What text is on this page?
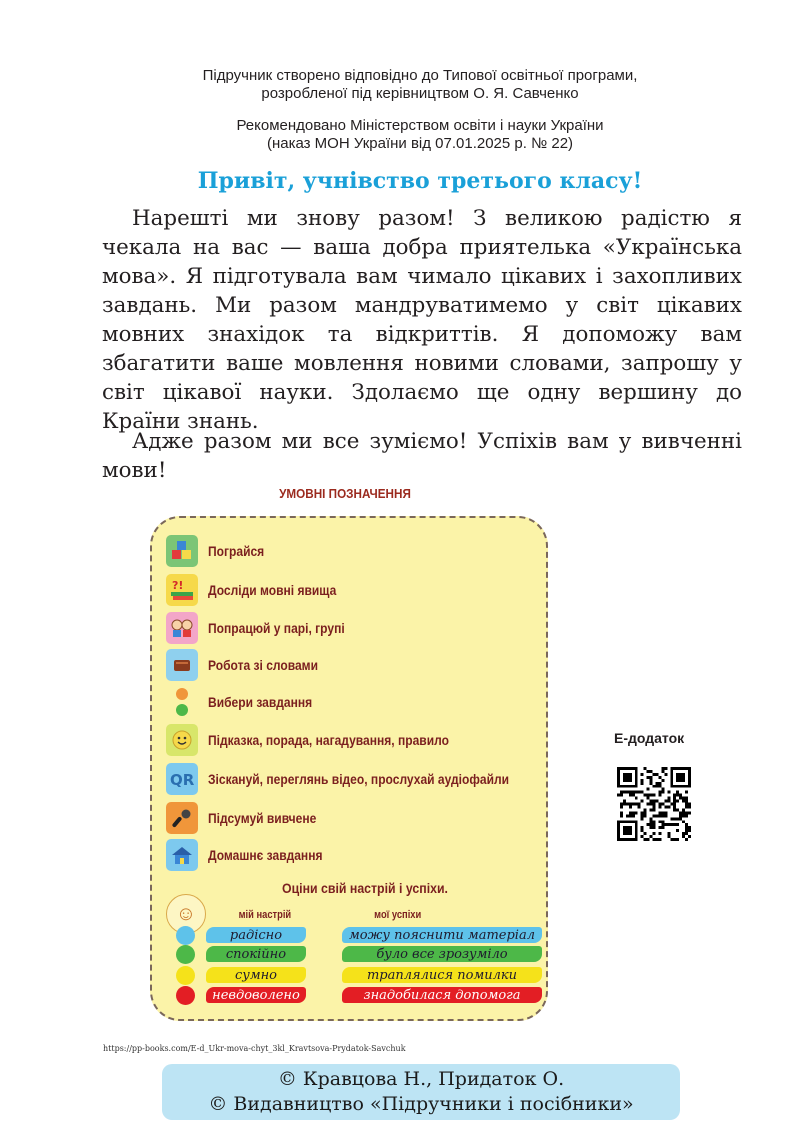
Підручник створено відповідно до Типової освітньої програми,
розробленої під керівництвом О. Я. Савченко
Рекомендовано Міністерством освіти і науки України
(наказ МОН України від 07.01.2025 р. № 22)
Привіт, учнівство третього класу!

Нарешті ми знову разом! З великою радістю я чекала на вас — ваша добра приятелька «Українська мова». Я підготувала вам чимало цікавих і захопливих завдань. Ми разом мандруватимемо у світ цікавих мовних знахідок та відкриттів. Я допоможу вам збагатити ваше мовлення новими словами, запрошу у світ цікавої науки. Здолаємо ще одну вершину до Країни знань.

Адже разом ми все зуміємо! Успіхів вам у вивченні мови!

УМОВНІ ПОЗНАЧЕННЯ
Пограйся
?! Досліди мовні явища
Попрацюй у парі, групі
Робота зі словами
Вибери завдання
Підказка, порада, нагадування, правило
QR Зіскануй, переглянь відео, прослухай аудіофайли
Підсумуй вивчене
Домашнє завдання
Оціни свій настрій і успіхи.
☺	мій настрій	мої успіхи
радісно	можу пояснити матеріал
спокійно	було все зрозуміло
сумно	траплялися помилки
невдоволено	знадобилася допомога
Е-додаток
https://pp-books.com/E-d_Ukr-mova-chyt_3kl_Kravtsova-Prydatok-Savchuk
© Кравцова Н., Придаток О.
© Видавництво «Підручники і посібники»
